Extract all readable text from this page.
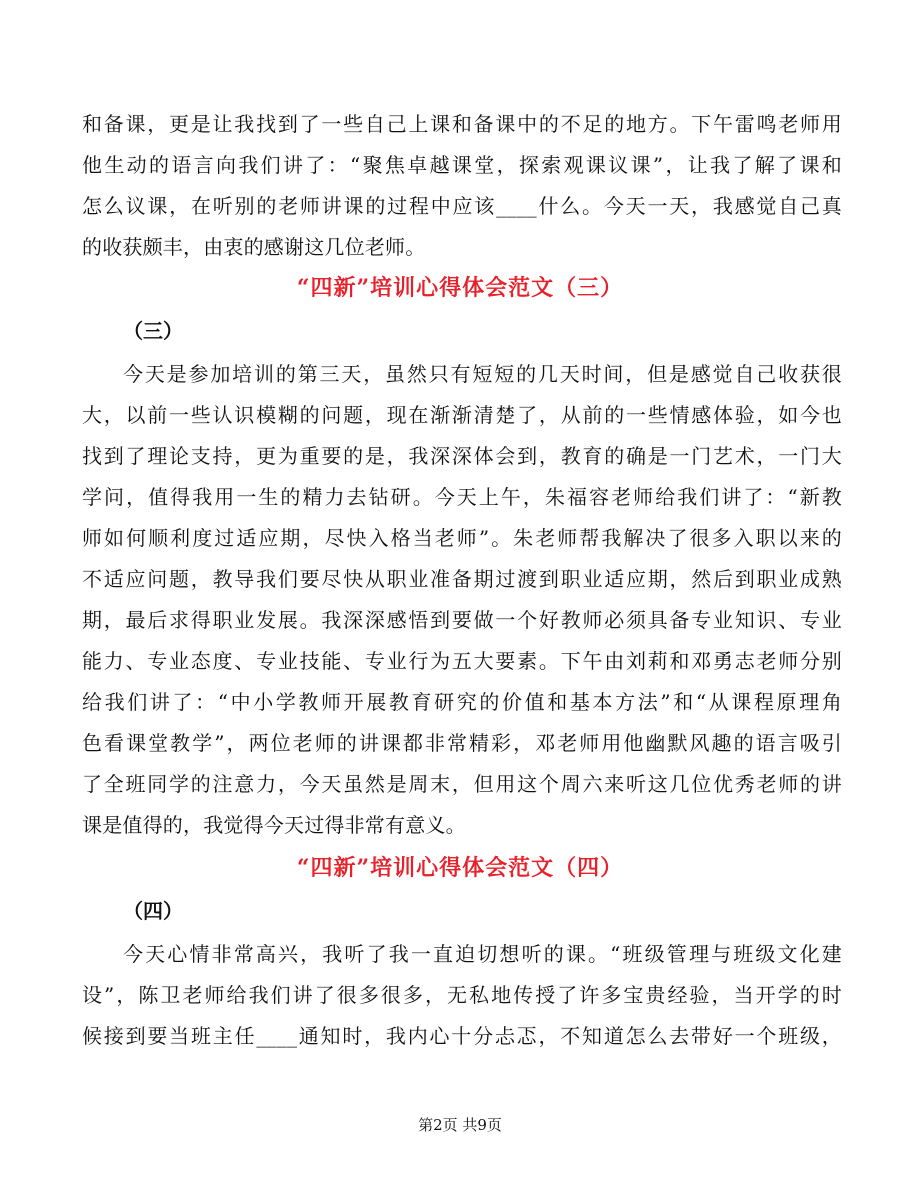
和备课，更是让我找到了一些自己上课和备课中的不足的地方。下午雷鸣老师用
他生动的语言向我们讲了：“聚焦卓越课堂，探索观课议课”，让我了解了课和
怎么议课，在听别的老师讲课的过程中应该____什么。今天一天，我感觉自己真
的收获颇丰，由衷的感谢这几位老师。
“四新”培训心得体会范文（三）
（三）
今天是参加培训的第三天，虽然只有短短的几天时间，但是感觉自己收获很
大，以前一些认识模糊的问题，现在渐渐清楚了，从前的一些情感体验，如今也
找到了理论支持，更为重要的是，我深深体会到，教育的确是一门艺术，一门大
学问，值得我用一生的精力去钻研。今天上午，朱福容老师给我们讲了：“新教
师如何顺利度过适应期，尽快入格当老师”。朱老师帮我解决了很多入职以来的
不适应问题，教导我们要尽快从职业准备期过渡到职业适应期，然后到职业成熟
期，最后求得职业发展。我深深感悟到要做一个好教师必须具备专业知识、专业
能力、专业态度、专业技能、专业行为五大要素。下午由刘莉和邓勇志老师分别
给我们讲了：“中小学教师开展教育研究的价值和基本方法”和“从课程原理角
色看课堂教学”，两位老师的讲课都非常精彩，邓老师用他幽默风趣的语言吸引
了全班同学的注意力，今天虽然是周末，但用这个周六来听这几位优秀老师的讲
课是值得的，我觉得今天过得非常有意义。
“四新”培训心得体会范文（四）
（四）
今天心情非常高兴，我听了我一直迫切想听的课。“班级管理与班级文化建
设”，陈卫老师给我们讲了很多很多，无私地传授了许多宝贵经验，当开学的时
候接到要当班主任____通知时，我内心十分忐忑，不知道怎么去带好一个班级，
第2页 共9页
